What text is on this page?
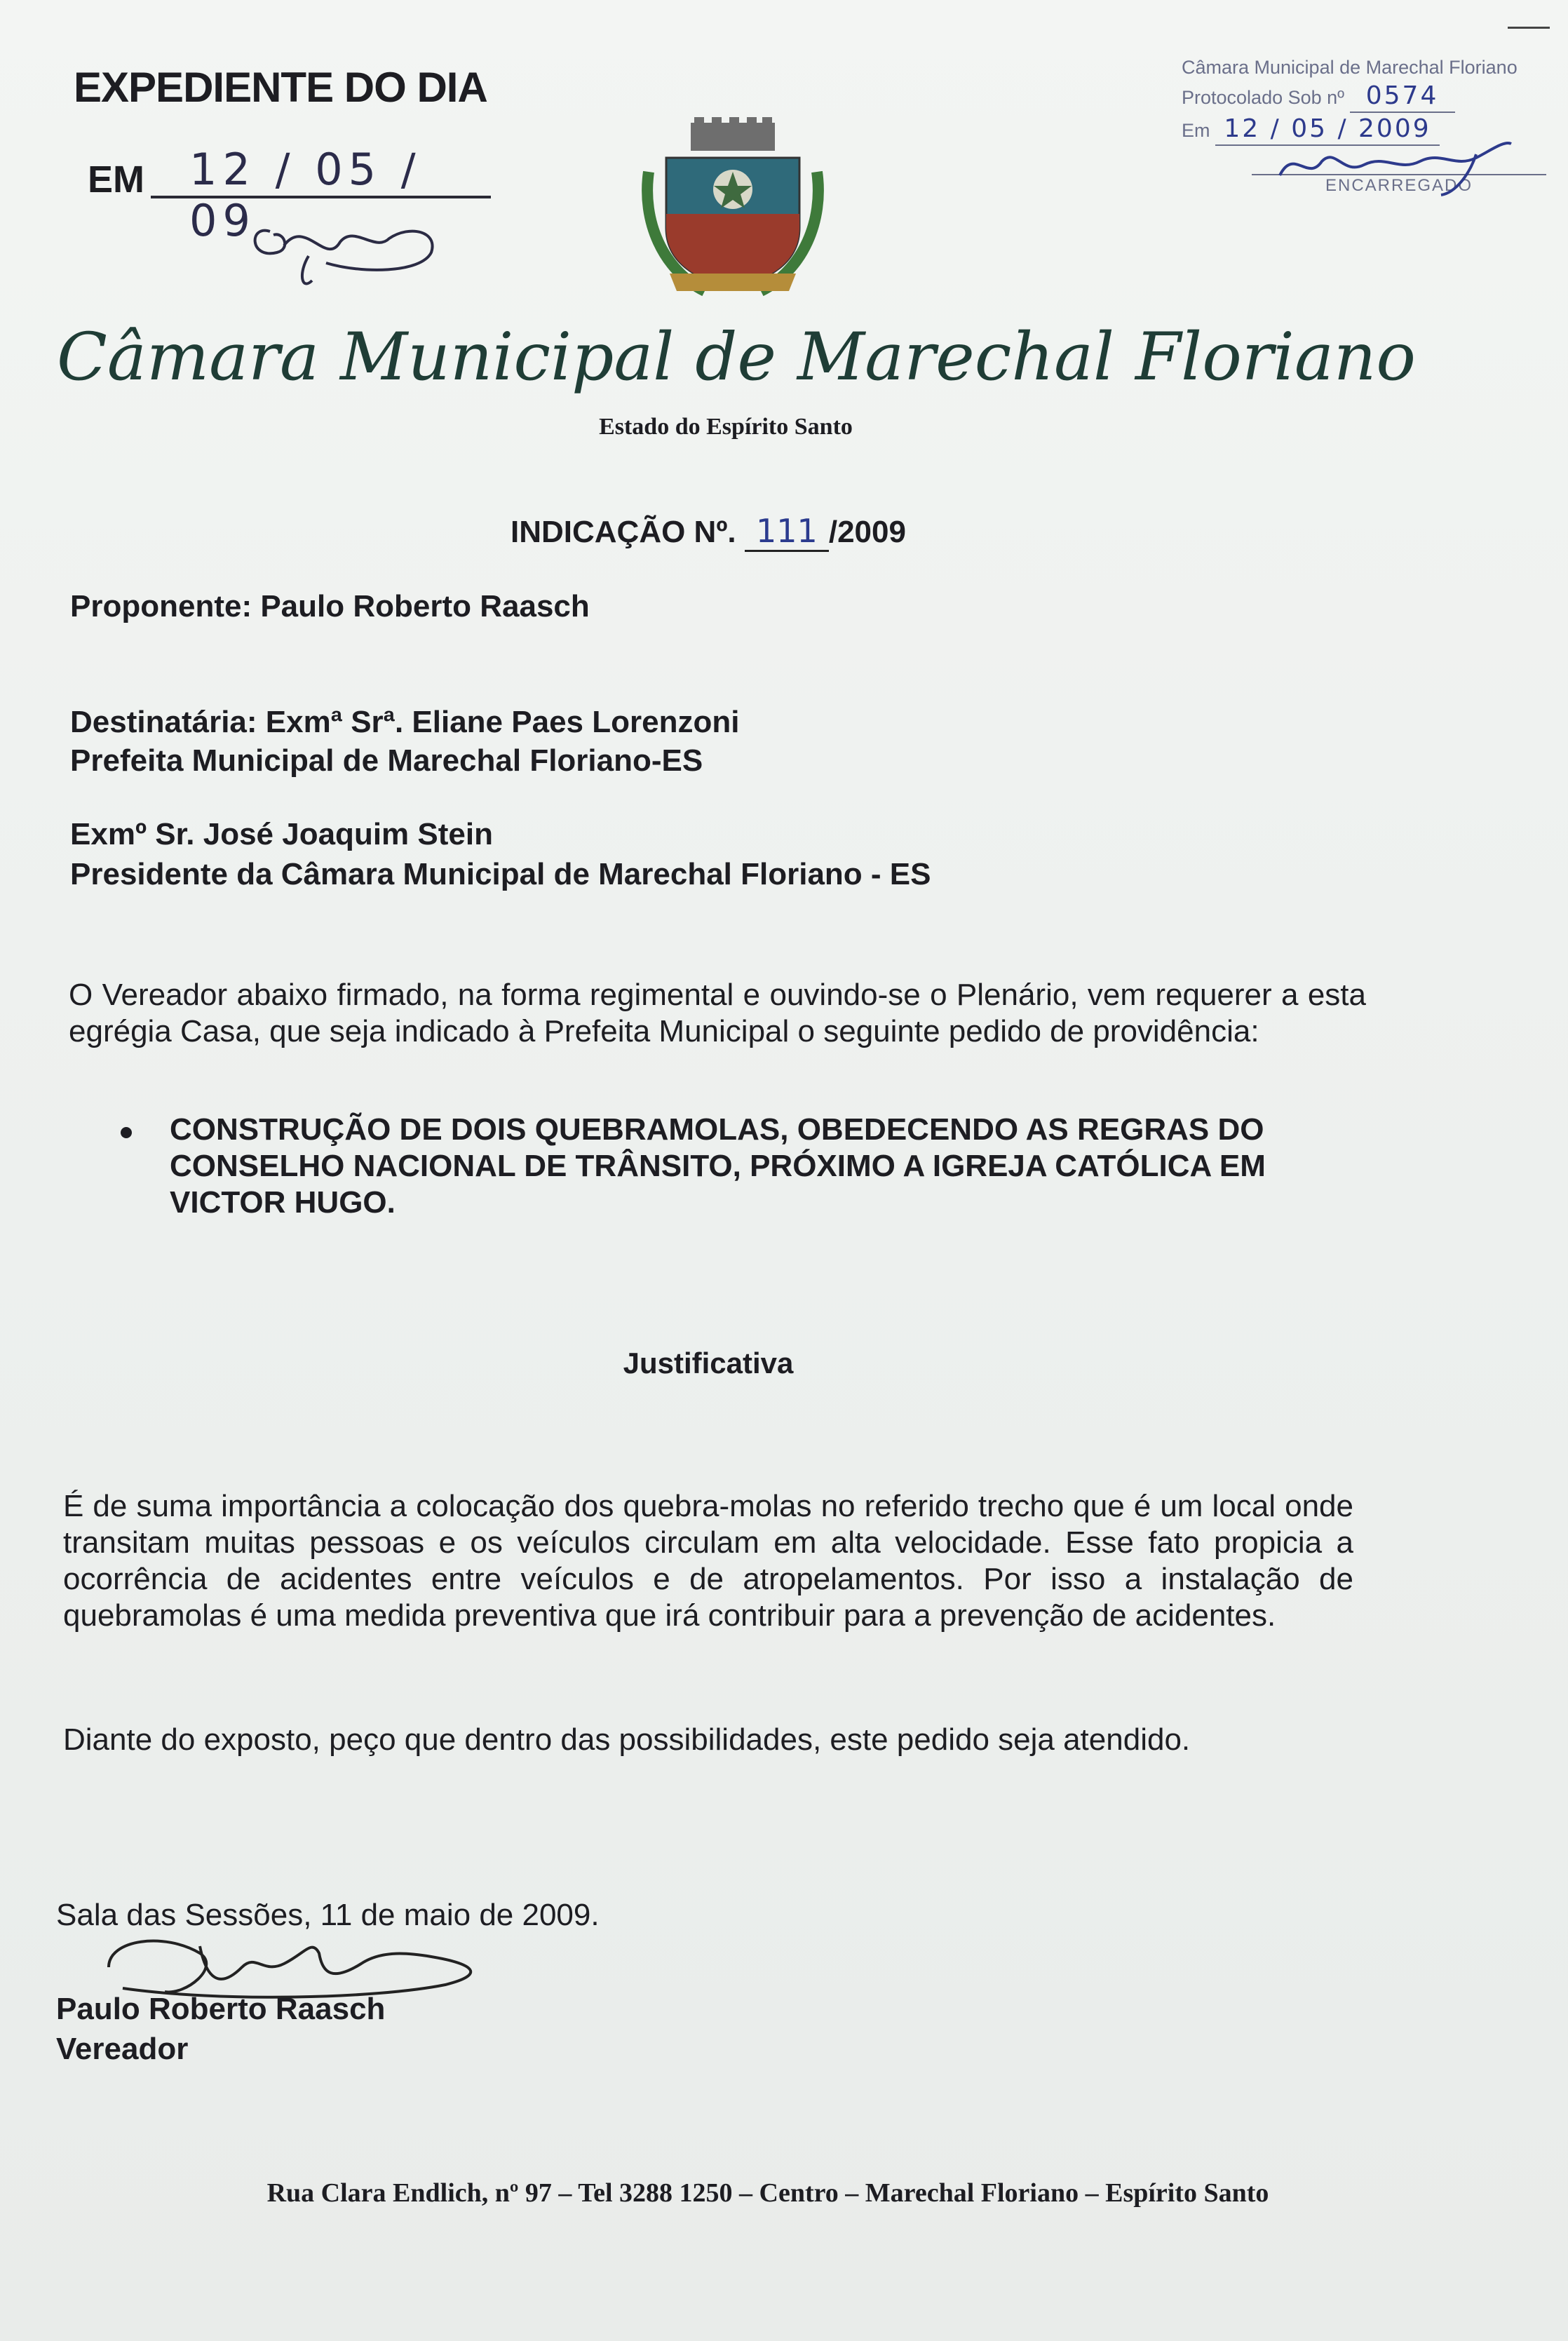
EXPEDIENTE DO DIA
EM	12 / 05 / 09
Câmara Municipal de Marechal Floriano
Protocolado Sob nº 0574
Em 12 / 05 / 2009
ENCARREGADO
Câmara Municipal de Marechal Floriano
Estado do Espírito Santo
INDICAÇÃO Nº. 111 /2009
Proponente: Paulo Roberto Raasch
Destinatária: Exmª Srª. Eliane Paes Lorenzoni
Prefeita Municipal de Marechal Floriano-ES
Exmº Sr. José Joaquim Stein
Presidente da Câmara Municipal de Marechal Floriano - ES
O Vereador abaixo firmado, na forma regimental e ouvindo-se o Plenário, vem requerer a esta egrégia Casa, que seja indicado à Prefeita Municipal o seguinte pedido de providência:
CONSTRUÇÃO DE DOIS QUEBRAMOLAS, OBEDECENDO AS REGRAS DO CONSELHO NACIONAL DE TRÂNSITO, PRÓXIMO A IGREJA CATÓLICA EM VICTOR HUGO.
Justificativa
É de suma importância a colocação dos quebra-molas no referido trecho que é um local onde transitam muitas pessoas e os veículos circulam em alta velocidade. Esse fato propicia a ocorrência de acidentes entre veículos e de atropelamentos. Por isso a instalação de quebramolas é uma medida preventiva que irá contribuir para a prevenção de acidentes.
Diante do exposto, peço que dentro das possibilidades, este pedido seja atendido.
Sala das Sessões, 11 de maio de 2009.
Paulo Roberto Raasch
Vereador
Rua Clara Endlich, nº 97 – Tel 3288 1250 – Centro – Marechal Floriano – Espírito Santo
